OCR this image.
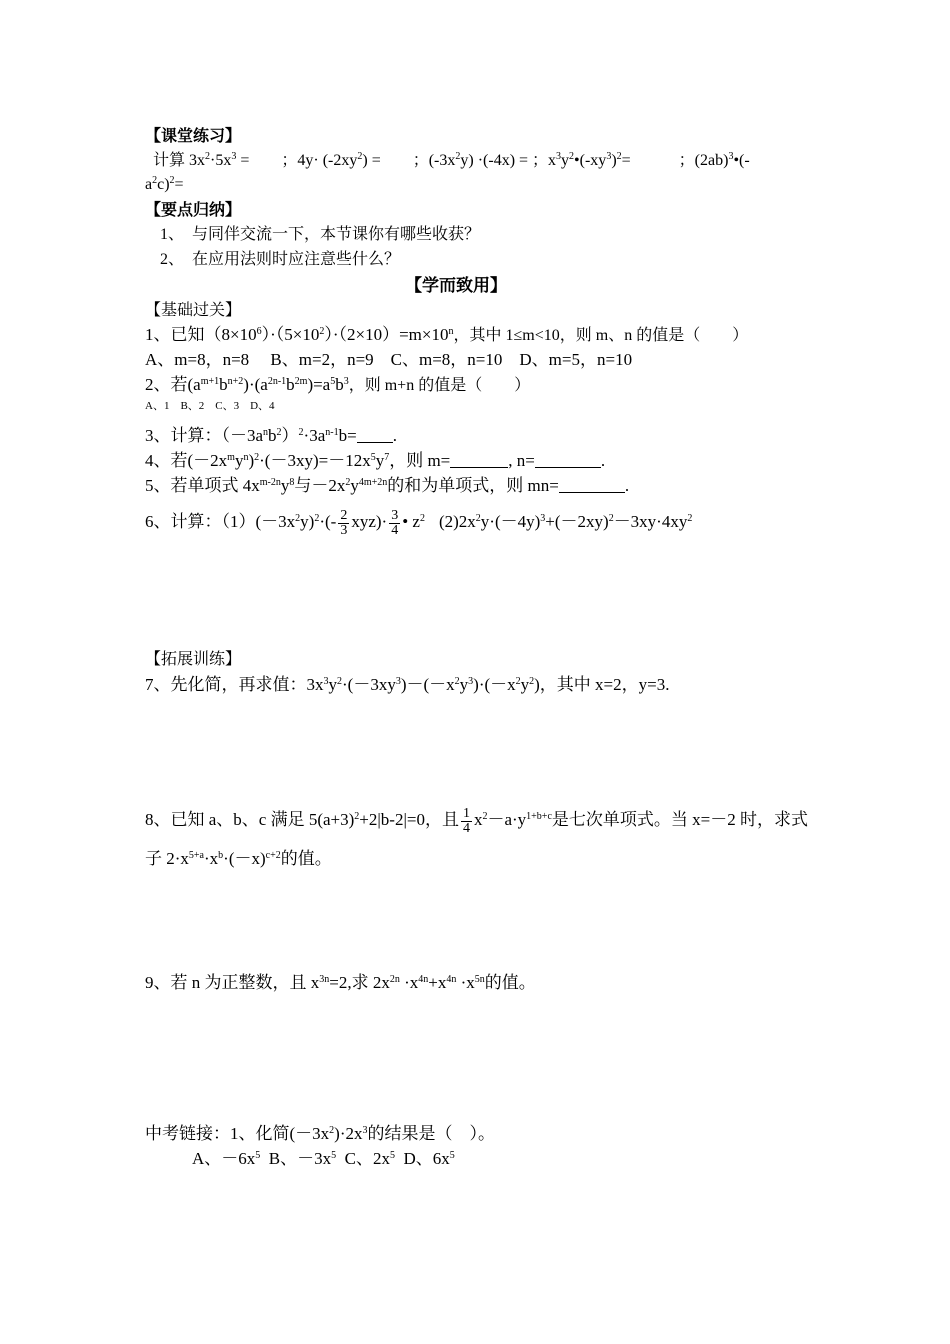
【课堂练习】
计算 $3x^2\cdot 5x^3$ =　　；$4y\cdot (-2xy^2)$ =　　；$(-3x^2y) \cdot(-4x)$ = ；$x^3y^2•(-xy^3)^2=$　　　；$(2ab)^3•(-$
$a^2c)^2=$
【要点归纳】
1、　与同伴交流一下，本节课你有哪些收获？
2、　在应用法则时应注意些什么？
【学而致用】
【基础过关】
1、已知$(8\times 10^6)\cdot(5\times 10^2)\cdot(2\times 10)=m\times 10^n$，其中 1≤m<10，则 m、n 的值是（　　）
A、m=8，n=8　 B、m=2，n=9　C、m=8，n=10　D、m=5，n=10
2、若$(a^{m+1}b^{n+2})\cdot(a^{2n-1}b^{2m})=a^5b^3$，则 m+n 的值是（　　）
A、1　B、2　C、3　D、4
3、计算：$(-3a^nb^2)^2\cdot 3a^{n-1}b=$ .
4、若$(-2x^my^n)^2\cdot(-3xy)=-12x^5y^7$，则 m=	, n=	.
5、若单项式 $4x^{m-2n}y^8$与$-2x^2y^{4m+2n}$的和为单项式，则 mn=	.
6、计算：$(1)(-3x^2y)^2\cdot(- \frac{2}{3} xyz)\cdot \frac{3}{4}$ • $z^2$ $(2)2x^2y\cdot(-4y)^3+(-2xy)^2-3xy\cdot 4xy^2$
【拓展训练】
7、先化简，再求值：$3x^3y^2\cdot(-3xy^3)-(-x^2y^3)\cdot(-x^2y^2)$，其中 x=2，y=3.
8、已知 a、b、c 满足 $5(a+3)^2+2|b-2|=0$，且 $\frac{1}{4} x^2-a\cdot y^{1+b+c}$是七次单项式。当 x=－2 时，求式
子 $2\cdot x^{5+a}\cdot x^b\cdot(-x)^{c+2}$的值。
9、若 n 为正整数，且 $x^{3n}=2$,求 $2x^{2n} \cdot x^{4n}+x^{4n} \cdot x^{5n}$的值。
中考链接：1、化简$(-3x^2)\cdot 2x^3$的结果是（　）。
A、$-6x^5$  B、$-3x^5$  C、$2x^5$  D、$6x^5$
